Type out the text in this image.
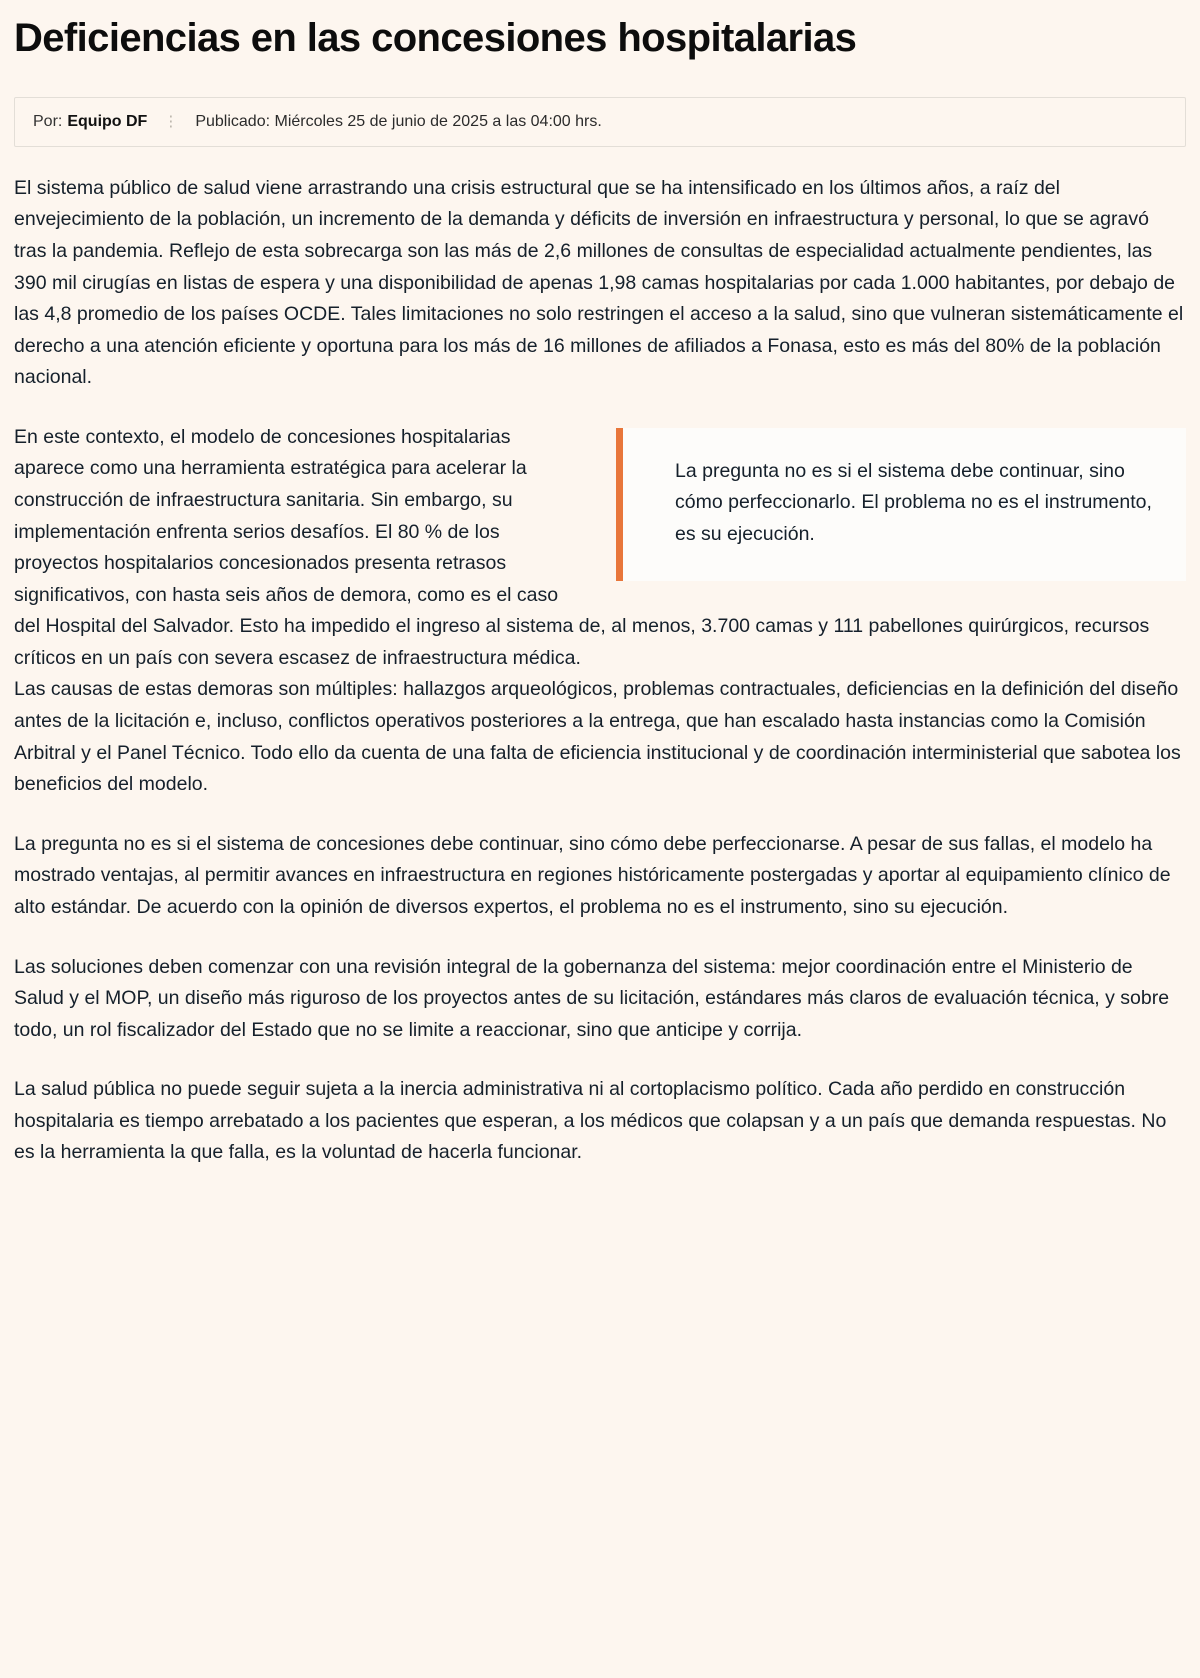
Deficiencias en las concesiones hospitalarias
Por: Equipo DF ⋮ Publicado: Miércoles 25 de junio de 2025 a las 04:00 hrs.

El sistema público de salud viene arrastrando una crisis estructural que se ha intensificado en los últimos años, a raíz del envejecimiento de la población, un incremento de la demanda y déficits de inversión en infraestructura y personal, lo que se agravó tras la pandemia. Reflejo de esta sobrecarga son las más de 2,6 millones de consultas de especialidad actualmente pendientes, las 390 mil cirugías en listas de espera y una disponibilidad de apenas 1,98 camas hospitalarias por cada 1.000 habitantes, por debajo de las 4,8 promedio de los países OCDE. Tales limitaciones no solo restringen el acceso a la salud, sino que vulneran sistemáticamente el derecho a una atención eficiente y oportuna para los más de 16 millones de afiliados a Fonasa, esto es más del 80% de la población nacional.

La pregunta no es si el sistema debe continuar, sino cómo perfeccionarlo. El problema no es el instrumento, es su ejecución.

En este contexto, el modelo de concesiones hospitalarias aparece como una herramienta estratégica para acelerar la construcción de infraestructura sanitaria. Sin embargo, su implementación enfrenta serios desafíos. El 80 % de los proyectos hospitalarios concesionados presenta retrasos significativos, con hasta seis años de demora, como es el caso del Hospital del Salvador. Esto ha impedido el ingreso al sistema de, al menos, 3.700 camas y 111 pabellones quirúrgicos, recursos críticos en un país con severa escasez de infraestructura médica.

Las causas de estas demoras son múltiples: hallazgos arqueológicos, problemas contractuales, deficiencias en la definición del diseño antes de la licitación e, incluso, conflictos operativos posteriores a la entrega, que han escalado hasta instancias como la Comisión Arbitral y el Panel Técnico. Todo ello da cuenta de una falta de eficiencia institucional y de coordinación interministerial que sabotea los beneficios del modelo.

La pregunta no es si el sistema de concesiones debe continuar, sino cómo debe perfeccionarse. A pesar de sus fallas, el modelo ha mostrado ventajas, al permitir avances en infraestructura en regiones históricamente postergadas y aportar al equipamiento clínico de alto estándar. De acuerdo con la opinión de diversos expertos, el problema no es el instrumento, sino su ejecución.

Las soluciones deben comenzar con una revisión integral de la gobernanza del sistema: mejor coordinación entre el Ministerio de Salud y el MOP, un diseño más riguroso de los proyectos antes de su licitación, estándares más claros de evaluación técnica, y sobre todo, un rol fiscalizador del Estado que no se limite a reaccionar, sino que anticipe y corrija.

La salud pública no puede seguir sujeta a la inercia administrativa ni al cortoplacismo político. Cada año perdido en construcción hospitalaria es tiempo arrebatado a los pacientes que esperan, a los médicos que colapsan y a un país que demanda respuestas. No es la herramienta la que falla, es la voluntad de hacerla funcionar.
